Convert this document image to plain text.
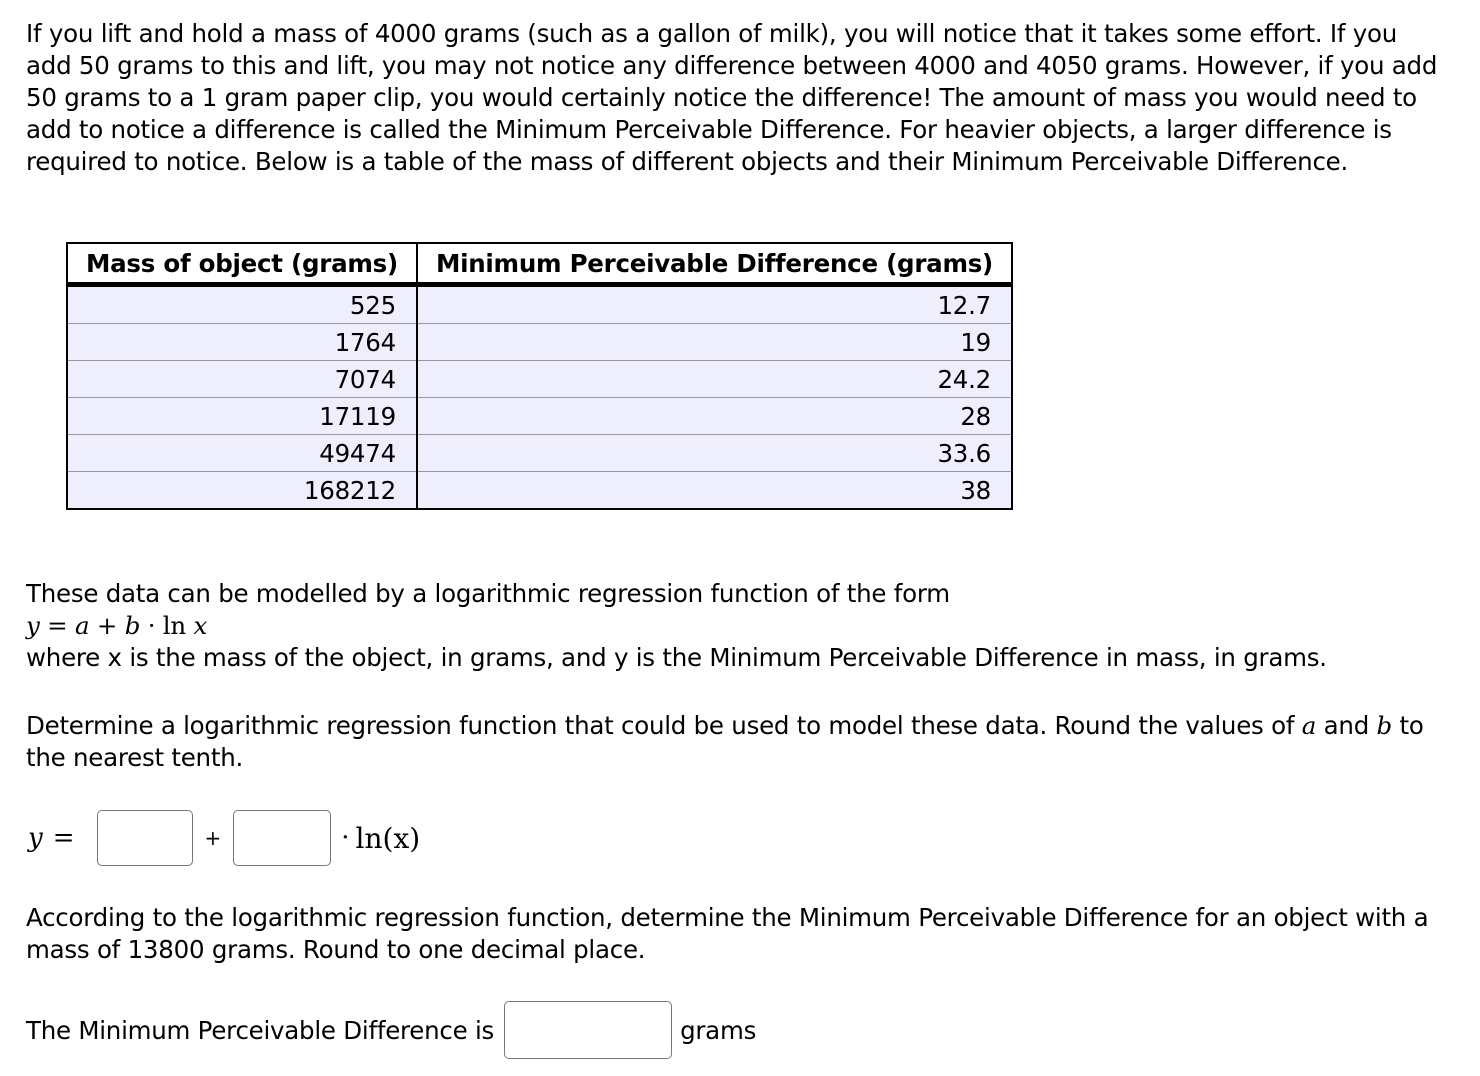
If you lift and hold a mass of 4000 grams (such as a gallon of milk), you will notice that it takes some effort. If you add 50 grams to this and lift, you may not notice any difference between 4000 and 4050 grams. However, if you add 50 grams to a 1 gram paper clip, you would certainly notice the difference! The amount of mass you would need to add to notice a difference is called the Minimum Perceivable Difference. For heavier objects, a larger difference is required to notice. Below is a table of the mass of different objects and their Minimum Perceivable Difference.

Mass of object (grams)	Minimum Perceivable Difference (grams)
525	12.7
1764	19
7074	24.2
17119	28
49474	33.6
168212	38
These data can be modelled by a logarithmic regression function of the form
y = a + b · ln x
where x is the mass of the object, in grams, and y is the Minimum Perceivable Difference in mass, in grams.

Determine a logarithmic regression function that could be used to model these data. Round the values of a and b to the nearest tenth.

y =	+	· ln(x)

According to the logarithmic regression function, determine the Minimum Perceivable Difference for an object with a mass of 13800 grams. Round to one decimal place.

The Minimum Perceivable Difference is	grams
